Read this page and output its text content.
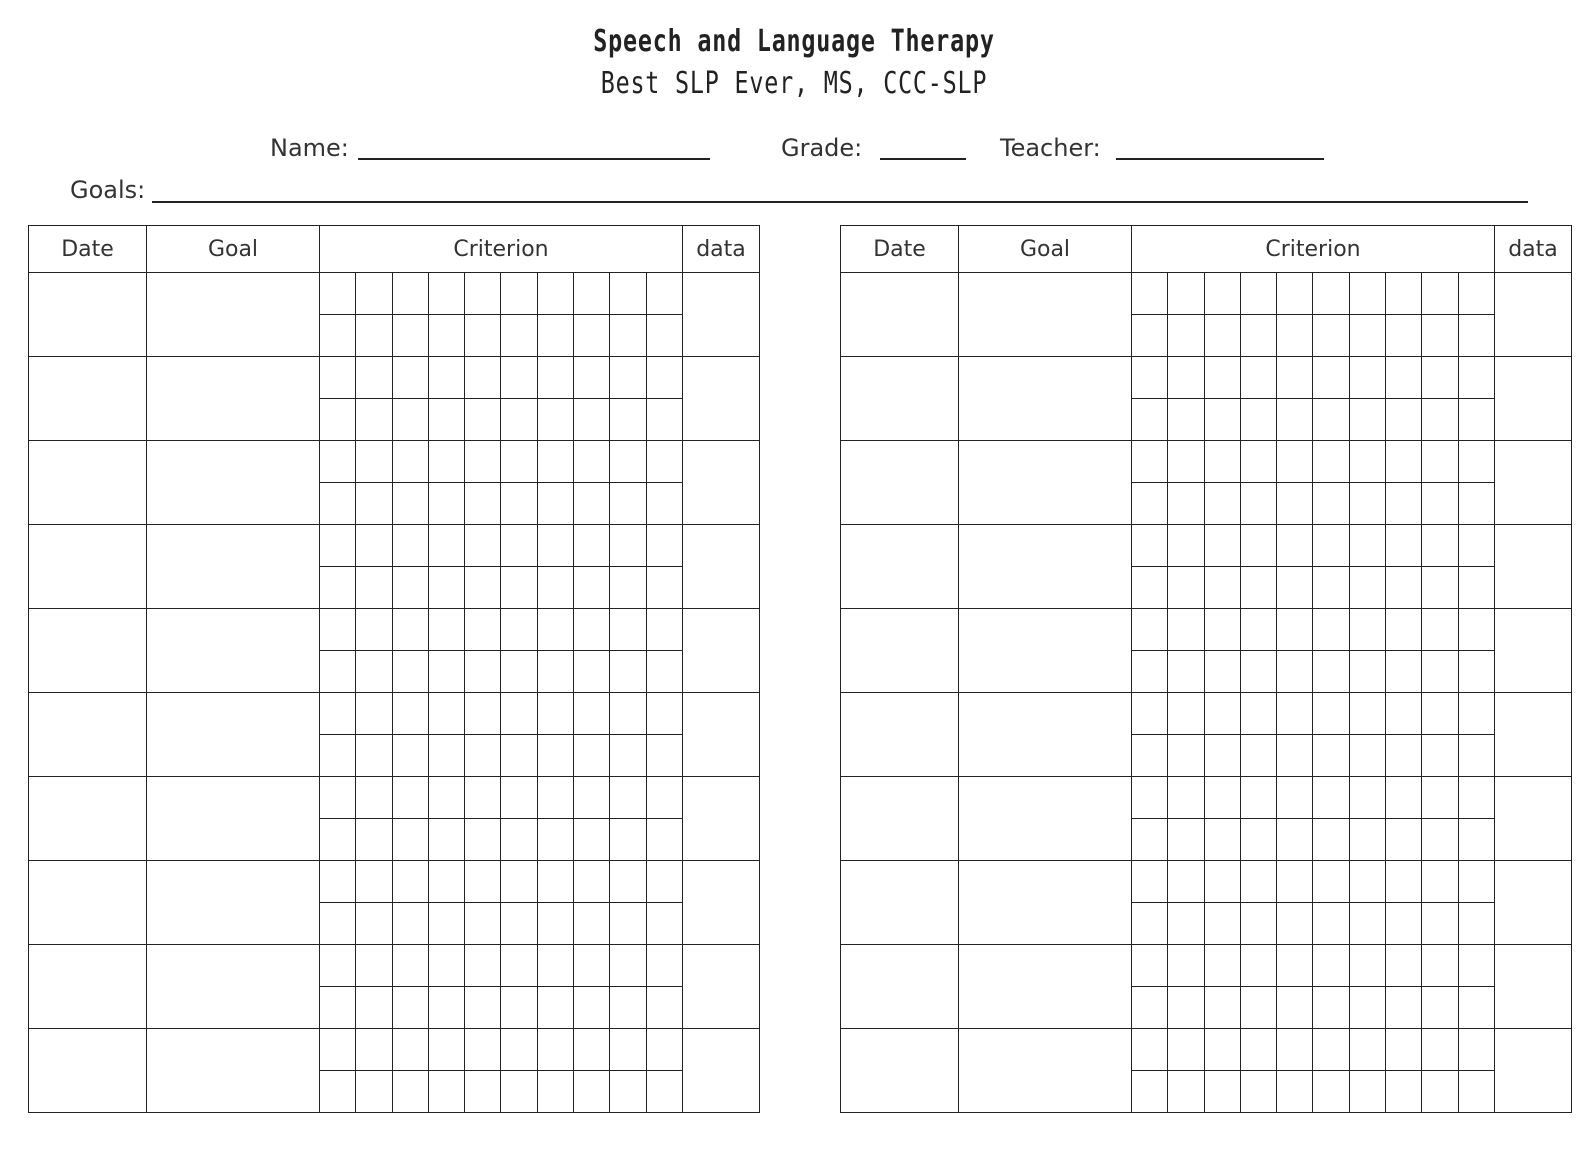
Speech and Language Therapy
Best SLP Ever, MS, CCC-SLP
Name:	Grade:	Teacher:
Goals:
Date	Goal	Criterion										data

										Date	Goal	Criterion										data
